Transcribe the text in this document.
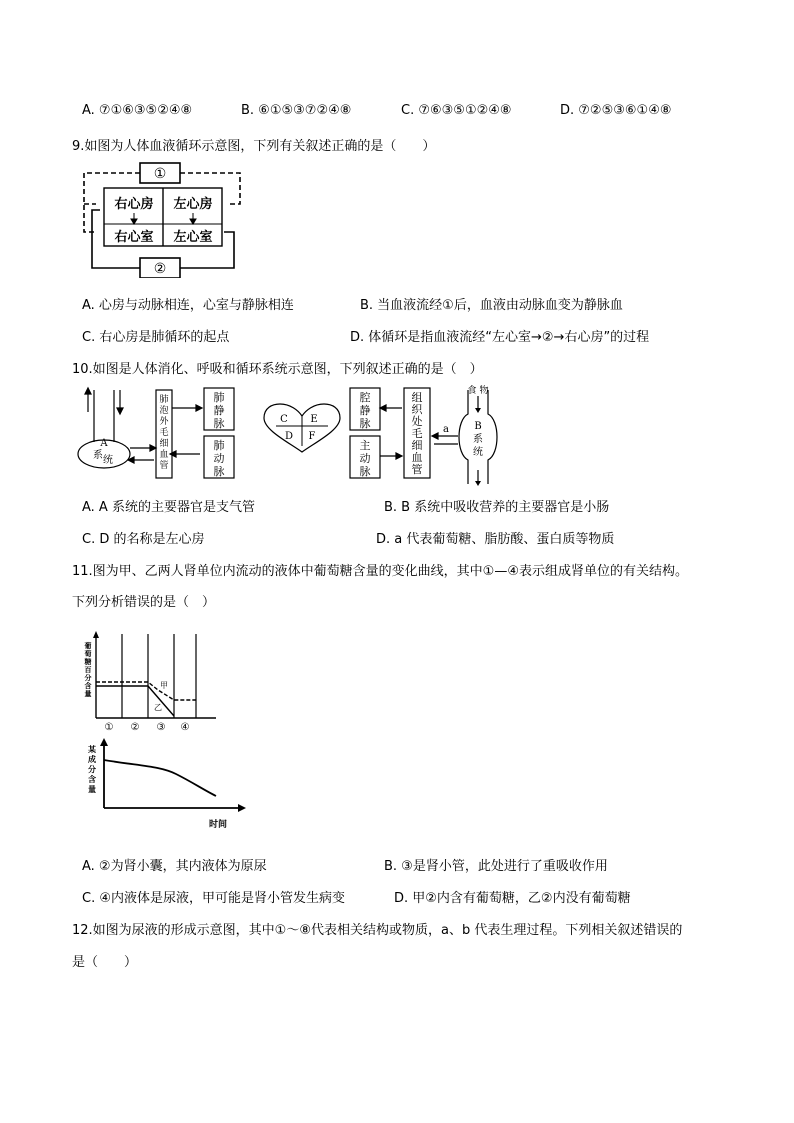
A. ⑦①⑥③⑤②④⑧	B. ⑥①⑤③⑦②④⑧	C. ⑦⑥③⑤①②④⑧	D. ⑦②⑤③⑥①④⑧
9.如图为人体血液循环示意图，下列有关叙述正确的是（　　）
①
②
右心房 左心房
右心室 左心室
A. 心房与动脉相连，心室与静脉相连	B. 当血液流经①后，血液由动脉血变为静脉血
C. 右心房是肺循环的起点	D. 体循环是指血液流经“左心室→②→右心房”的过程
10.如图是人体消化、呼吸和循环系统示意图，下列叙述正确的是（　）
A
系 统
肺
泡
外
毛
细
血
管
肺
静
脉
肺
动
脉
C E
D F
腔
静
脉
主
动
脉
组
织
处
毛
细
血
管
a
食 物
B
系
统
A. A 系统的主要器官是支气管	B. B 系统中吸收营养的主要器官是小肠
C. D 的名称是左心房	D. a 代表葡萄糖、脂肪酸、蛋白质等物质
11.图为甲、乙两人肾单位内流动的液体中葡萄糖含量的变化曲线，其中①—④表示组成肾单位的有关结构。
下列分析错误的是（　）
甲
乙
葡
萄
糖
百
分
含
量
① ② ③ ④
某
成
分
含
量
时间
A. ②为肾小囊，其内液体为原尿	B. ③是肾小管，此处进行了重吸收作用
C. ④内液体是尿液，甲可能是肾小管发生病变	D. 甲②内含有葡萄糖，乙②内没有葡萄糖
12.如图为尿液的形成示意图，其中①～⑧代表相关结构或物质，a、b 代表生理过程。下列相关叙述错误的
是（　　）
